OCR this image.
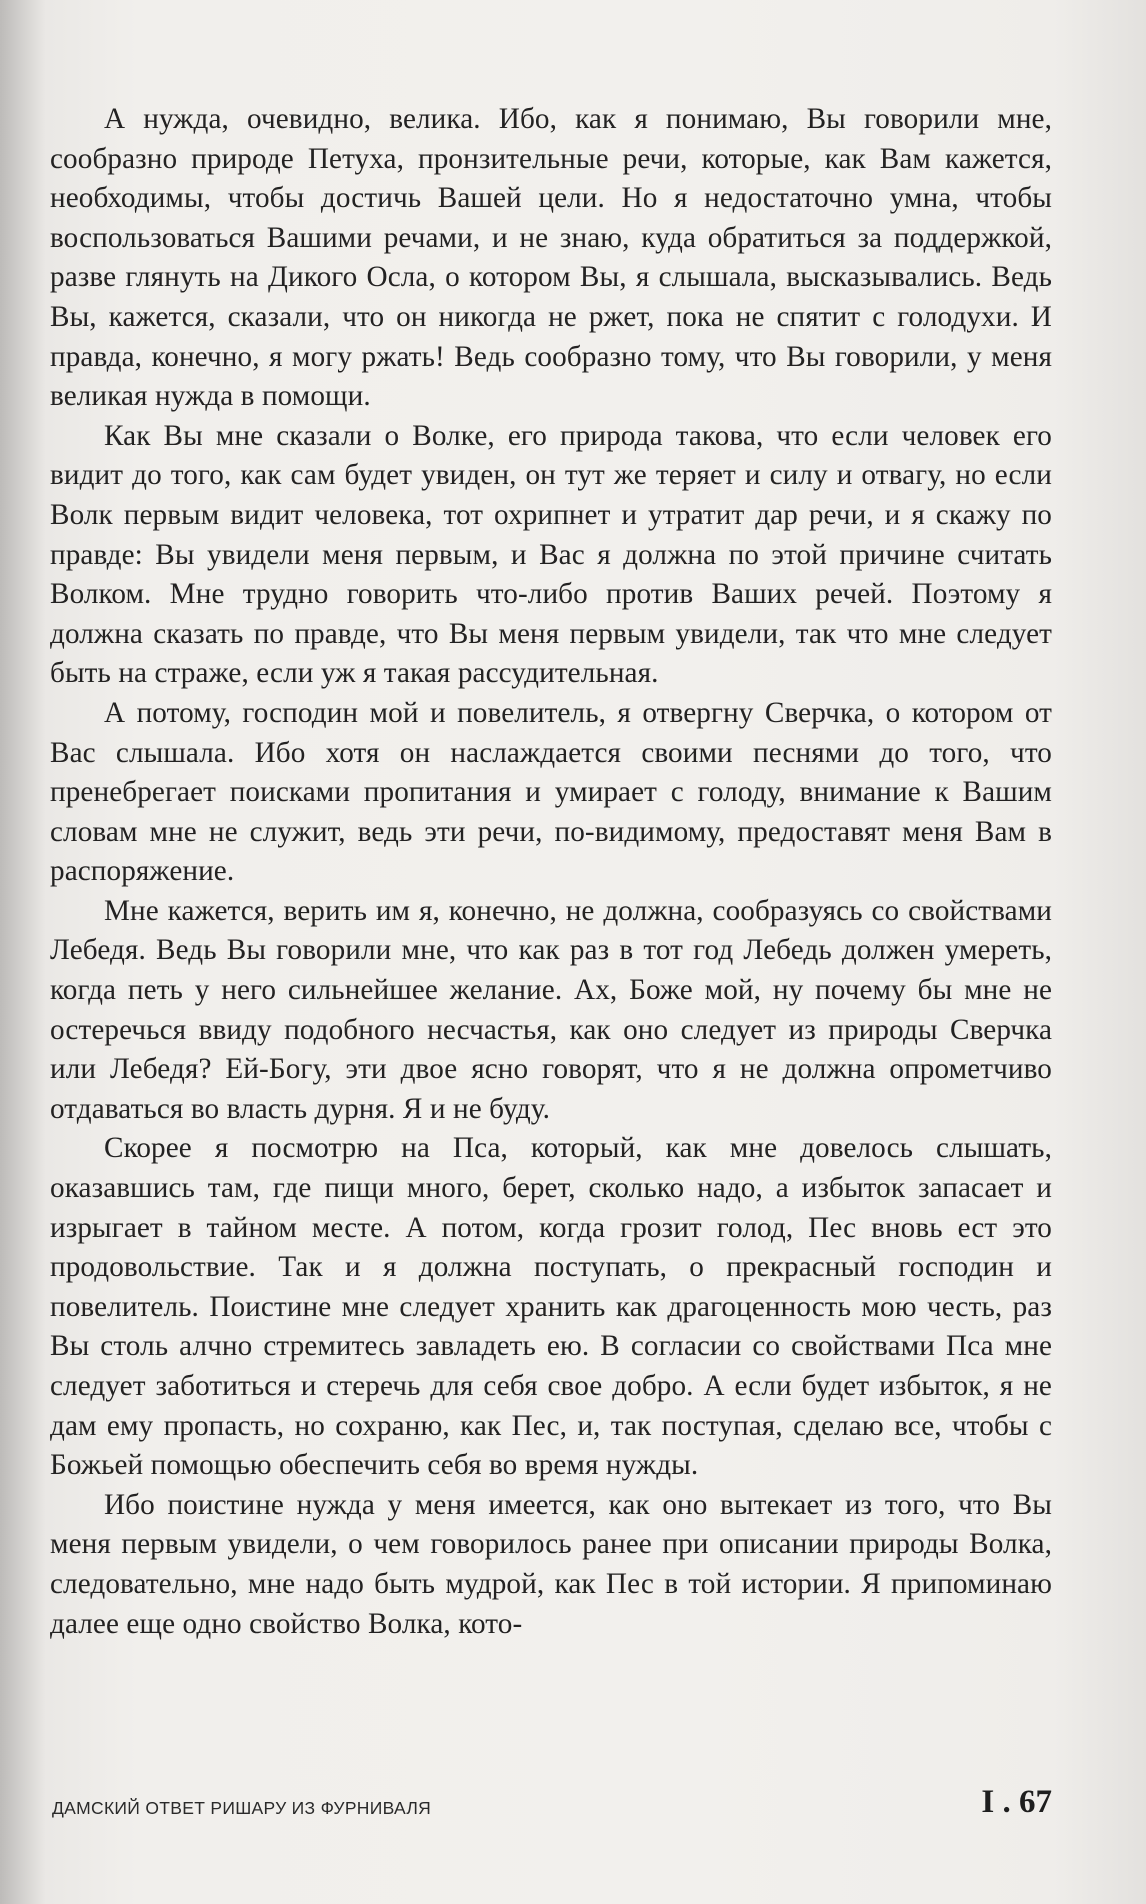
А нужда, очевидно, велика. Ибо, как я понимаю, Вы говорили мне, сообразно природе Петуха, пронзительные речи, которые, как Вам кажется, необходимы, чтобы достичь Вашей цели. Но я недостаточно умна, чтобы воспользоваться Вашими речами, и не знаю, куда обратиться за поддержкой, разве глянуть на Дикого Осла, о котором Вы, я слышала, высказывались. Ведь Вы, кажется, сказали, что он никогда не ржет, пока не спятит с голодухи. И правда, конечно, я могу ржать! Ведь сообразно тому, что Вы говорили, у меня великая нужда в помощи.

Как Вы мне сказали о Волке, его природа такова, что если человек его видит до того, как сам будет увиден, он тут же теряет и силу и отвагу, но если Волк первым видит человека, тот охрипнет и утратит дар речи, и я скажу по правде: Вы увидели меня первым, и Вас я должна по этой причине считать Волком. Мне трудно говорить что-либо против Ваших речей. Поэтому я должна сказать по правде, что Вы меня первым увидели, так что мне следует быть на страже, если уж я такая рассудительная.

А потому, господин мой и повелитель, я отвергну Сверчка, о котором от Вас слышала. Ибо хотя он наслаждается своими песнями до того, что пренебрегает поисками пропитания и умирает с голоду, внимание к Вашим словам мне не служит, ведь эти речи, по-видимому, предоставят меня Вам в распоряжение.

Мне кажется, верить им я, конечно, не должна, сообразуясь со свойствами Лебедя. Ведь Вы говорили мне, что как раз в тот год Лебедь должен умереть, когда петь у него сильнейшее желание. Ах, Боже мой, ну почему бы мне не остеречься ввиду подобного несчастья, как оно следует из природы Сверчка или Лебедя? Ей-Богу, эти двое ясно говорят, что я не должна опрометчиво отдаваться во власть дурня. Я и не буду.

Скорее я посмотрю на Пса, который, как мне довелось слышать, оказавшись там, где пищи много, берет, сколько надо, а избыток запасает и изрыгает в тайном месте. А потом, когда грозит голод, Пес вновь ест это продовольствие. Так и я должна поступать, о прекрасный господин и повелитель. Поистине мне следует хранить как драгоценность мою честь, раз Вы столь алчно стремитесь завладеть ею. В согласии со свойствами Пса мне следует заботиться и стеречь для себя свое добро. А если будет избыток, я не дам ему пропасть, но сохраню, как Пес, и, так поступая, сделаю все, чтобы с Божьей помощью обеспечить себя во время нужды.

Ибо поистине нужда у меня имеется, как оно вытекает из того, что Вы меня первым увидели, о чем говорилось ранее при описании природы Волка, следовательно, мне надо быть мудрой, как Пес в той истории. Я припоминаю далее еще одно свойство Волка, кото-

ДАМСКИЙ ОТВЕТ РИШАРУ ИЗ ФУРНИВАЛЯ	I . 67
